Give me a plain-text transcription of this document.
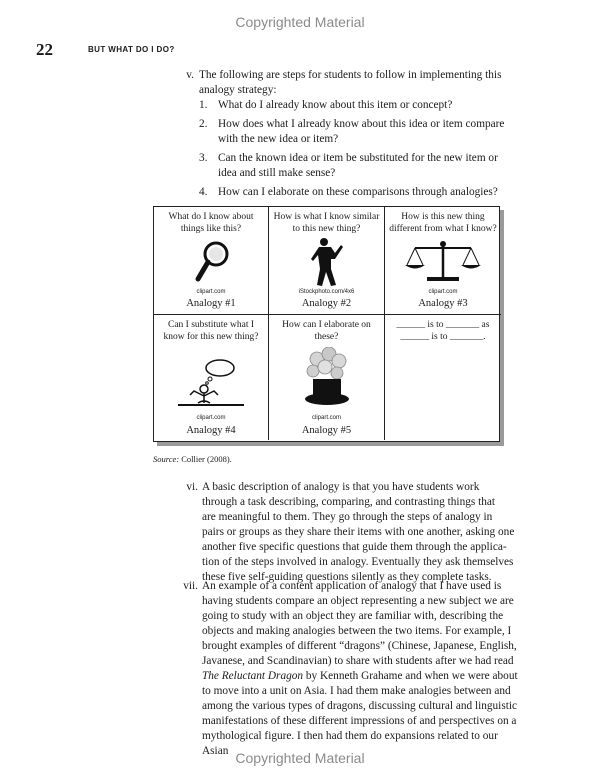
Copyrighted Material
22	BUT WHAT DO I DO?
v. The following are steps for students to follow in implementing this
analogy strategy:
1. What do I already know about this item or concept?
2. How does what I already know about this idea or item compare with the new idea or item?
3. Can the known idea or item be substituted for the new item or idea and still make sense?
4. How can I elaborate on these comparisons through analogies?
What do I know about things like this?
clipart.com
Analogy #1
How is what I know similar to this new thing?
iStockphoto.com/4x6
Analogy #2
How is this new thing different from what I know?
clipart.com
Analogy #3
Can I substitute what I know for this new thing?
clipart.com
Analogy #4
How can I elaborate on these?
clipart.com
Analogy #5
______ is to _______ as
______ is to _______.
Source: Collier (2008).
vi. A basic description of analogy is that you have students work
through a task describing, comparing, and contrasting things that
are meaningful to them. They go through the steps of analogy in
pairs or groups as they share their items with one another, asking one
another five specific questions that guide them through the applica-
tion of the steps involved in analogy. Eventually they ask themselves
these five self-guiding questions silently as they complete tasks.
vii. An example of a content application of analogy that I have used is
having students compare an object representing a new subject we are
going to study with an object they are familiar with, describing the
objects and making analogies between the two items. For example, I
brought examples of different “dragons” (Chinese, Japanese, English,
Javanese, and Scandinavian) to share with students after we had read
The Reluctant Dragon by Kenneth Grahame and when we were about
to move into a unit on Asia. I had them make analogies between and
among the various types of dragons, discussing cultural and linguistic
manifestations of these different impressions of and perspectives on a
mythological figure. I then had them do expansions related to our Asian Copyrighted Material
